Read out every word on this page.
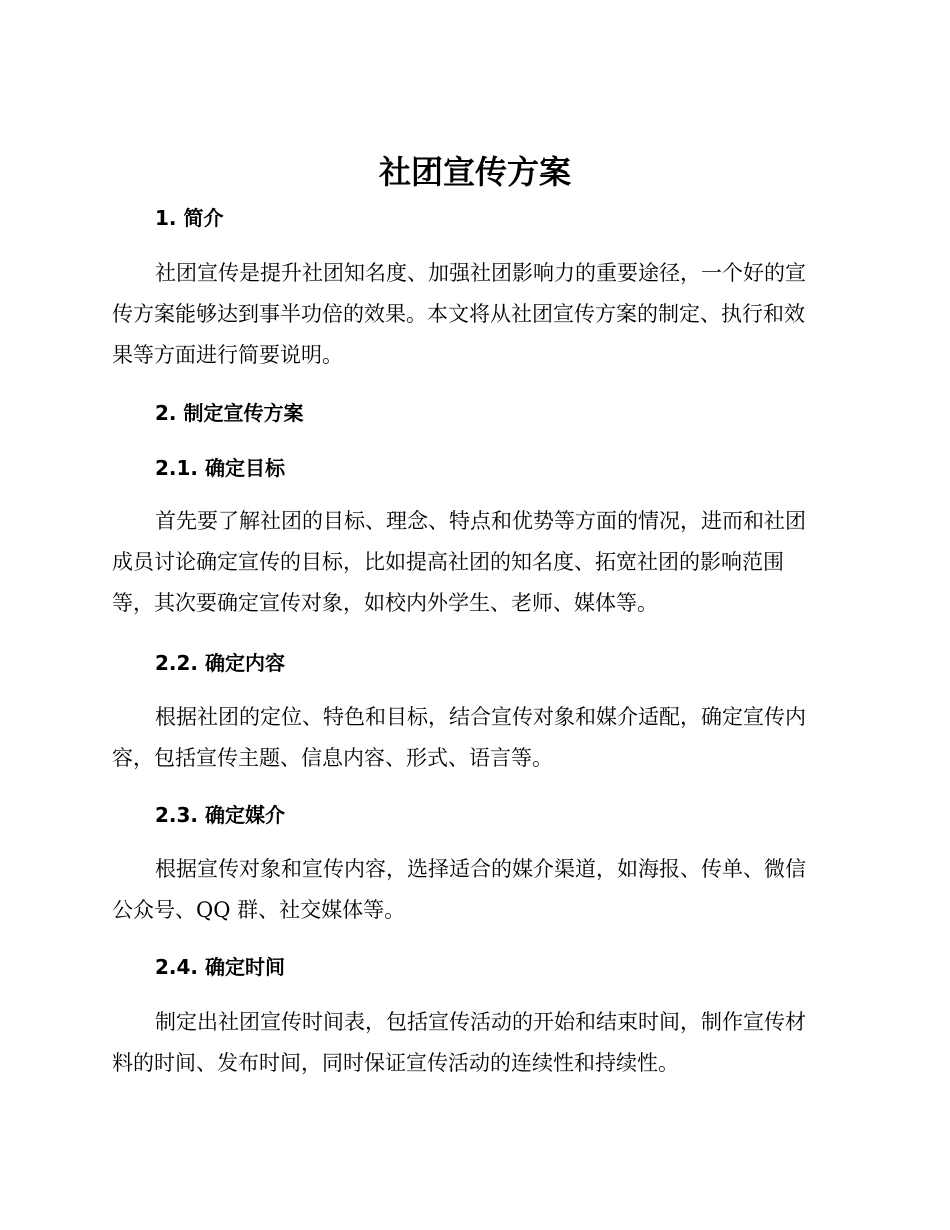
社团宣传方案
1. 简介
社团宣传是提升社团知名度、加强社团影响力的重要途径，一个好的宣
传方案能够达到事半功倍的效果。本文将从社团宣传方案的制定、执行和效
果等方面进行简要说明。
2. 制定宣传方案
2.1. 确定目标
首先要了解社团的目标、理念、特点和优势等方面的情况，进而和社团
成员讨论确定宣传的目标，比如提高社团的知名度、拓宽社团的影响范围
等，其次要确定宣传对象，如校内外学生、老师、媒体等。
2.2. 确定内容
根据社团的定位、特色和目标，结合宣传对象和媒介适配，确定宣传内
容，包括宣传主题、信息内容、形式、语言等。
2.3. 确定媒介
根据宣传对象和宣传内容，选择适合的媒介渠道，如海报、传单、微信
公众号、QQ 群、社交媒体等。
2.4. 确定时间
制定出社团宣传时间表，包括宣传活动的开始和结束时间，制作宣传材
料的时间、发布时间，同时保证宣传活动的连续性和持续性。
